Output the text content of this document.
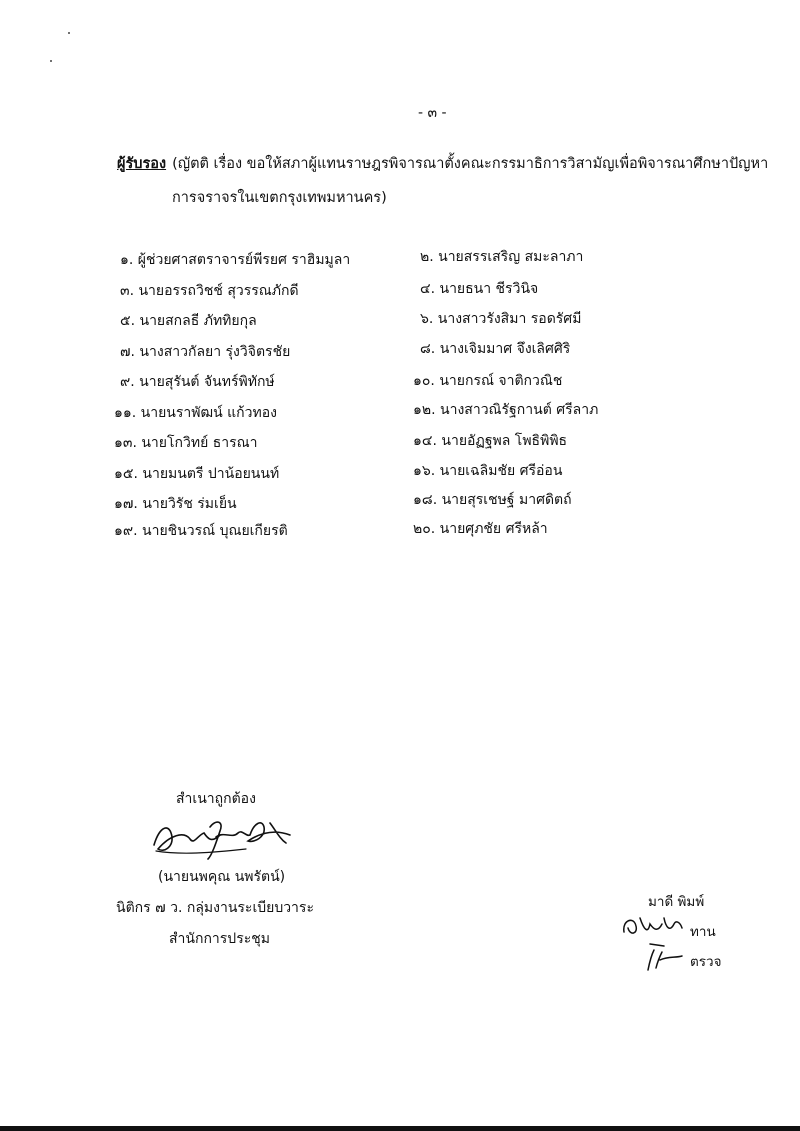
- ๓ -
ผู้รับรอง (ญัตติ เรื่อง ขอให้สภาผู้แทนราษฎรพิจารณาตั้งคณะกรรมาธิการวิสามัญเพื่อพิจารณาศึกษาปัญหา
การจราจรในเขตกรุงเทพมหานคร)
๑. ผู้ช่วยศาสตราจารย์พีรยศ ราฮิมมูลา	๒. นายสรรเสริญ สมะลาภา
๓. นายอรรถวิชช์ สุวรรณภักดี	๔. นายธนา ชีรวินิจ
๕. นายสกลธี ภัททิยกุล	๖. นางสาวรังสิมา รอดรัศมี
๗. นางสาวกัลยา รุ่งวิจิตรชัย	๘. นางเจิมมาศ จึงเลิศศิริ
๙. นายสุรันต์ จันทร์พิทักษ์	๑๐. นายกรณ์ จาติกวณิช
๑๑. นายนราพัฒน์ แก้วทอง	๑๒. นางสาวณิรัฐกานต์ ศรีลาภ
๑๓. นายโกวิทย์ ธารณา	๑๔. นายอัฏฐพล โพธิพิพิธ
๑๕. นายมนตรี ปาน้อยนนท์	๑๖. นายเฉลิมชัย ศรีอ่อน
๑๗. นายวิรัช ร่มเย็น	๑๘. นายสุรเชษฐ์ มาศดิตถ์
๑๙. นายชินวรณ์ บุณยเกียรติ	๒๐. นายศุภชัย ศรีหล้า
สำเนาถูกต้อง
(นายนพคุณ นพรัตน์)
นิติกร ๗ ว. กลุ่มงานระเบียบวาระ
สำนักการประชุม
มาดี พิมพ์
ทาน
ตรวจ
